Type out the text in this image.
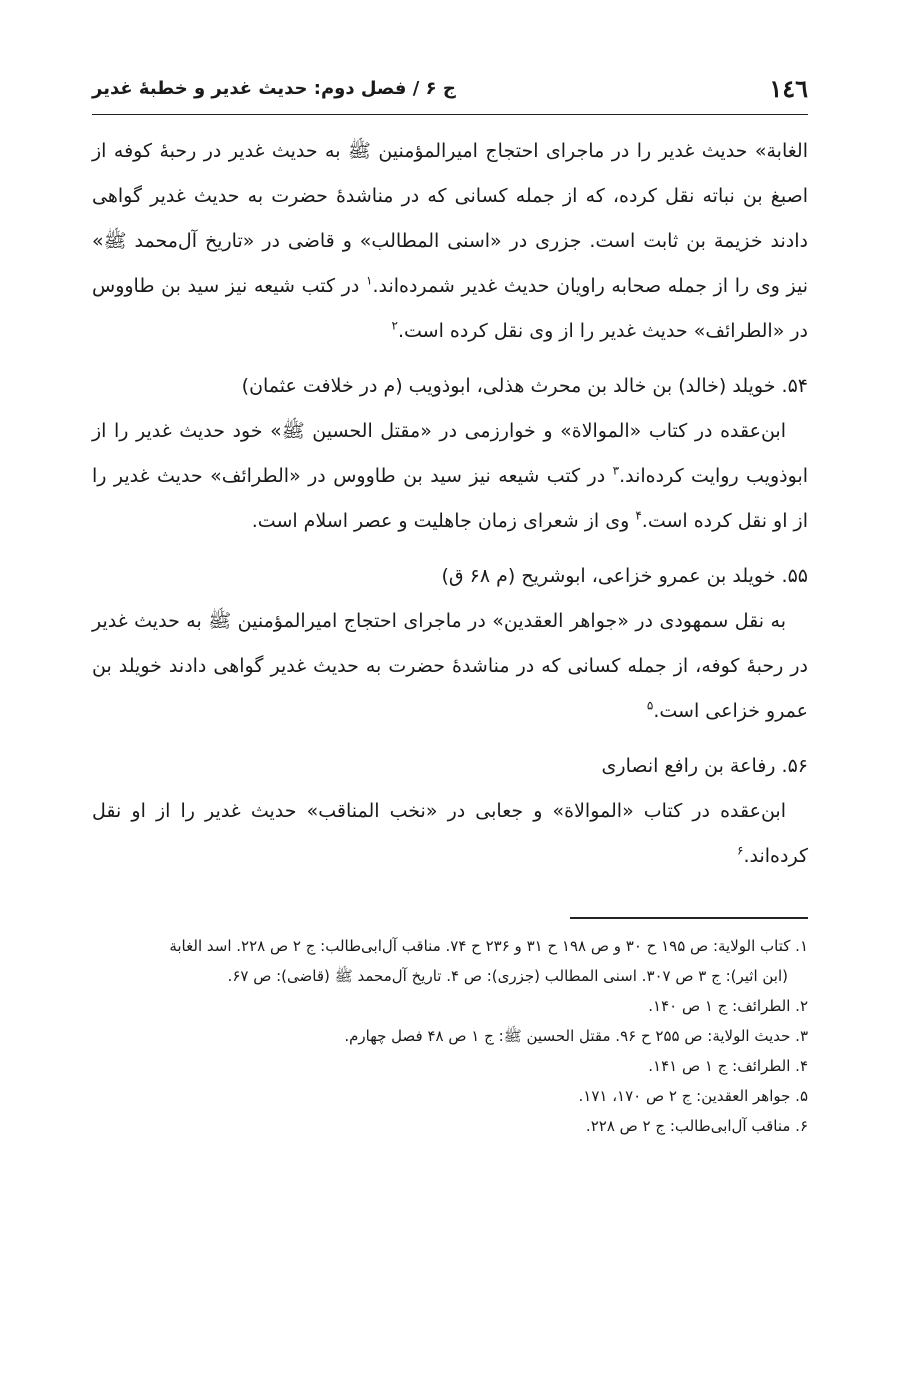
۱٤٦
ج ۶ / فصل دوم: حدیث غدیر و خطبهٔ غدیر

الغابة» حدیث غدیر را در ماجرای احتجاج امیرالمؤمنین ﷺ به حدیث غدیر در رحبهٔ کوفه از اصبغ بن نباته نقل کرده، که از جمله کسانی که در مناشدهٔ حضرت به حدیث غدیر گواهی دادند خزیمة بن ثابت است. جزری در «اسنی المطالب» و قاضی در «تاریخ آل‌محمد ﷺ» نیز وی را از جمله صحابه راویان حدیث غدیر شمرده‌اند.$^۱$ در کتب شیعه نیز سید بن طاووس در «الطرائف» حدیث غدیر را از وی نقل کرده است.$^۲$

۵۴. خویلد (خالد) بن خالد بن محرث هذلی، ابوذویب (م در خلافت عثمان)

ابن‌عقده در کتاب «الموالاة» و خوارزمی در «مقتل الحسین ﷺ» خود حدیث غدیر را از ابوذویب روایت کرده‌اند.$^۳$ در کتب شیعه نیز سید بن طاووس در «الطرائف» حدیث غدیر را از او نقل کرده است.$^۴$ وی از شعرای زمان جاهلیت و عصر اسلام است.

۵۵. خویلد بن عمرو خزاعی، ابوشریح (م ۶۸ ق)

به نقل سمهودی در «جواهر العقدین» در ماجرای احتجاج امیرالمؤمنین ﷺ به حدیث غدیر در رحبهٔ کوفه، از جمله کسانی که در مناشدهٔ حضرت به حدیث غدیر گواهی دادند خویلد بن عمرو خزاعی است.$^۵$

۵۶. رفاعة بن رافع انصاری

ابن‌عقده در کتاب «الموالاة» و جعابی در «نخب المناقب» حدیث غدیر را از او نقل کرده‌اند.$^۶$

۱. کتاب الولایة: ص ۱۹۵ ح ۳۰ و ص ۱۹۸ ح ۳۱ و ۲۳۶ ح ۷۴. مناقب آل‌ابی‌طالب: ج ۲ ص ۲۲۸. اسد الغابة

(ابن اثیر): ج ۳ ص ۳۰۷. اسنی المطالب (جزری): ص ۴. تاریخ آل‌محمد ﷺ (قاضی): ص ۶۷.

۲. الطرائف: ج ۱ ص ۱۴۰.

۳. حدیث الولایة: ص ۲۵۵ ح ۹۶. مقتل الحسین ﷺ: ج ۱ ص ۴۸ فصل چهارم.

۴. الطرائف: ج ۱ ص ۱۴۱.

۵. جواهر العقدین: ج ۲ ص ۱۷۰، ۱۷۱.

۶. مناقب آل‌ابی‌طالب: ج ۲ ص ۲۲۸.
